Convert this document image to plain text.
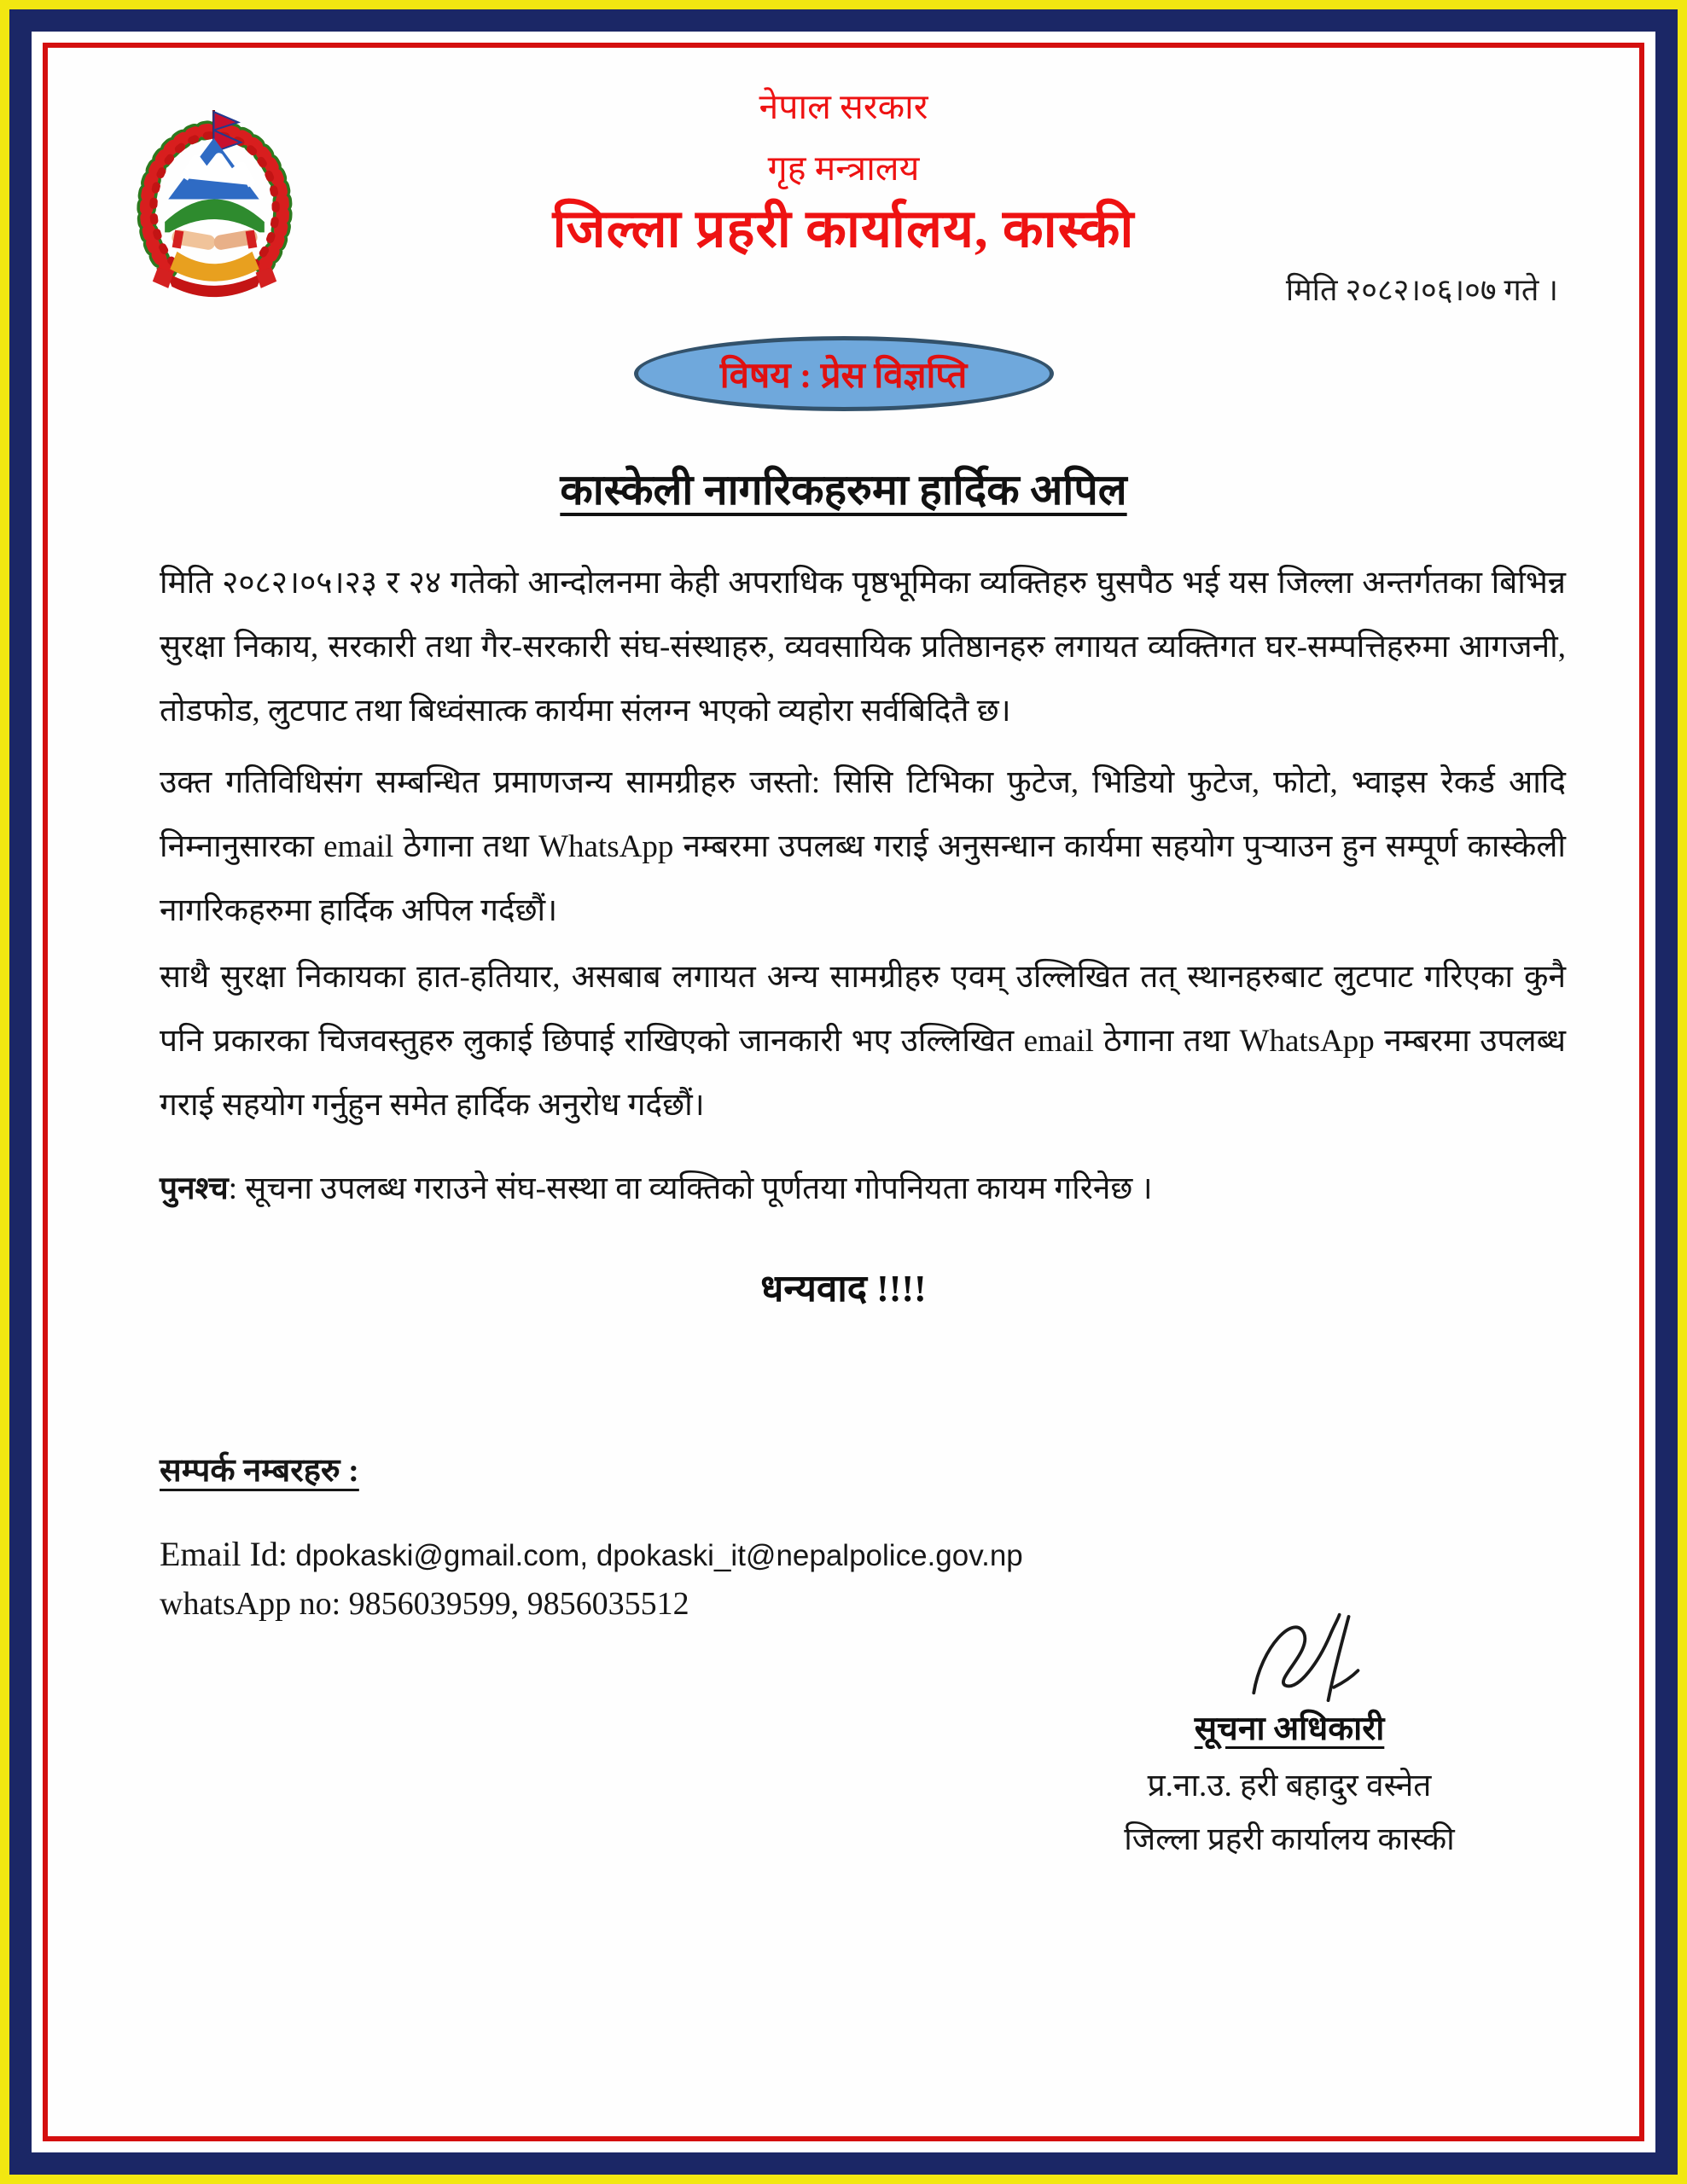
नेपाल सरकार
गृह मन्त्रालय
जिल्ला प्रहरी कार्यालय, कास्की
मिति २०८२।०६।०७ गते ।
विषय : प्रेस विज्ञप्ति
कास्केली नागरिकहरुमा हार्दिक अपिल

मिति २०८२।०५।२३ र २४ गतेको आन्दोलनमा केही अपराधिक पृष्ठभूमिका व्यक्तिहरु घुसपैठ भई यस जिल्ला अन्तर्गतका बिभिन्न सुरक्षा निकाय, सरकारी तथा गैर-सरकारी संघ-संस्थाहरु, व्यवसायिक प्रतिष्ठानहरु लगायत व्यक्तिगत घर-सम्पत्तिहरुमा आगजनी, तोडफोड, लुटपाट तथा बिध्वंसात्क कार्यमा संलग्न भएको व्यहोरा सर्वबिदितै छ।

उक्त गतिविधिसंग सम्बन्धित प्रमाणजन्य सामग्रीहरु जस्तो: सिसि टिभिका फुटेज, भिडियो फुटेज, फोटो, भ्वाइस रेकर्ड आदि निम्नानुसारका email ठेगाना तथा WhatsApp नम्बरमा उपलब्ध गराई अनुसन्धान कार्यमा सहयोग पुऱ्याउन हुन सम्पूर्ण कास्केली नागरिकहरुमा हार्दिक अपिल गर्दछौं।

साथै सुरक्षा निकायका हात-हतियार, असबाब लगायत अन्य सामग्रीहरु एवम् उल्लिखित तत् स्थानहरुबाट लुटपाट गरिएका कुनै पनि प्रकारका चिजवस्तुहरु लुकाई छिपाई राखिएको जानकारी भए उल्लिखित email ठेगाना तथा WhatsApp नम्बरमा उपलब्ध गराई सहयोग गर्नुहुन समेत हार्दिक अनुरोध गर्दछौं।

पुनश्च: सूचना उपलब्ध गराउने संघ-सस्था वा व्यक्तिको पूर्णतया गोपनियता कायम गरिनेछ ।

धन्यवाद !!!!
सम्पर्क नम्बरहरु :
Email Id: dpokaski@gmail.com, dpokaski_it@nepalpolice.gov.np
whatsApp no: 9856039599, 9856035512
सूचना अधिकारी
प्र.ना.उ. हरी बहादुर वस्नेत
जिल्ला प्रहरी कार्यालय कास्की
